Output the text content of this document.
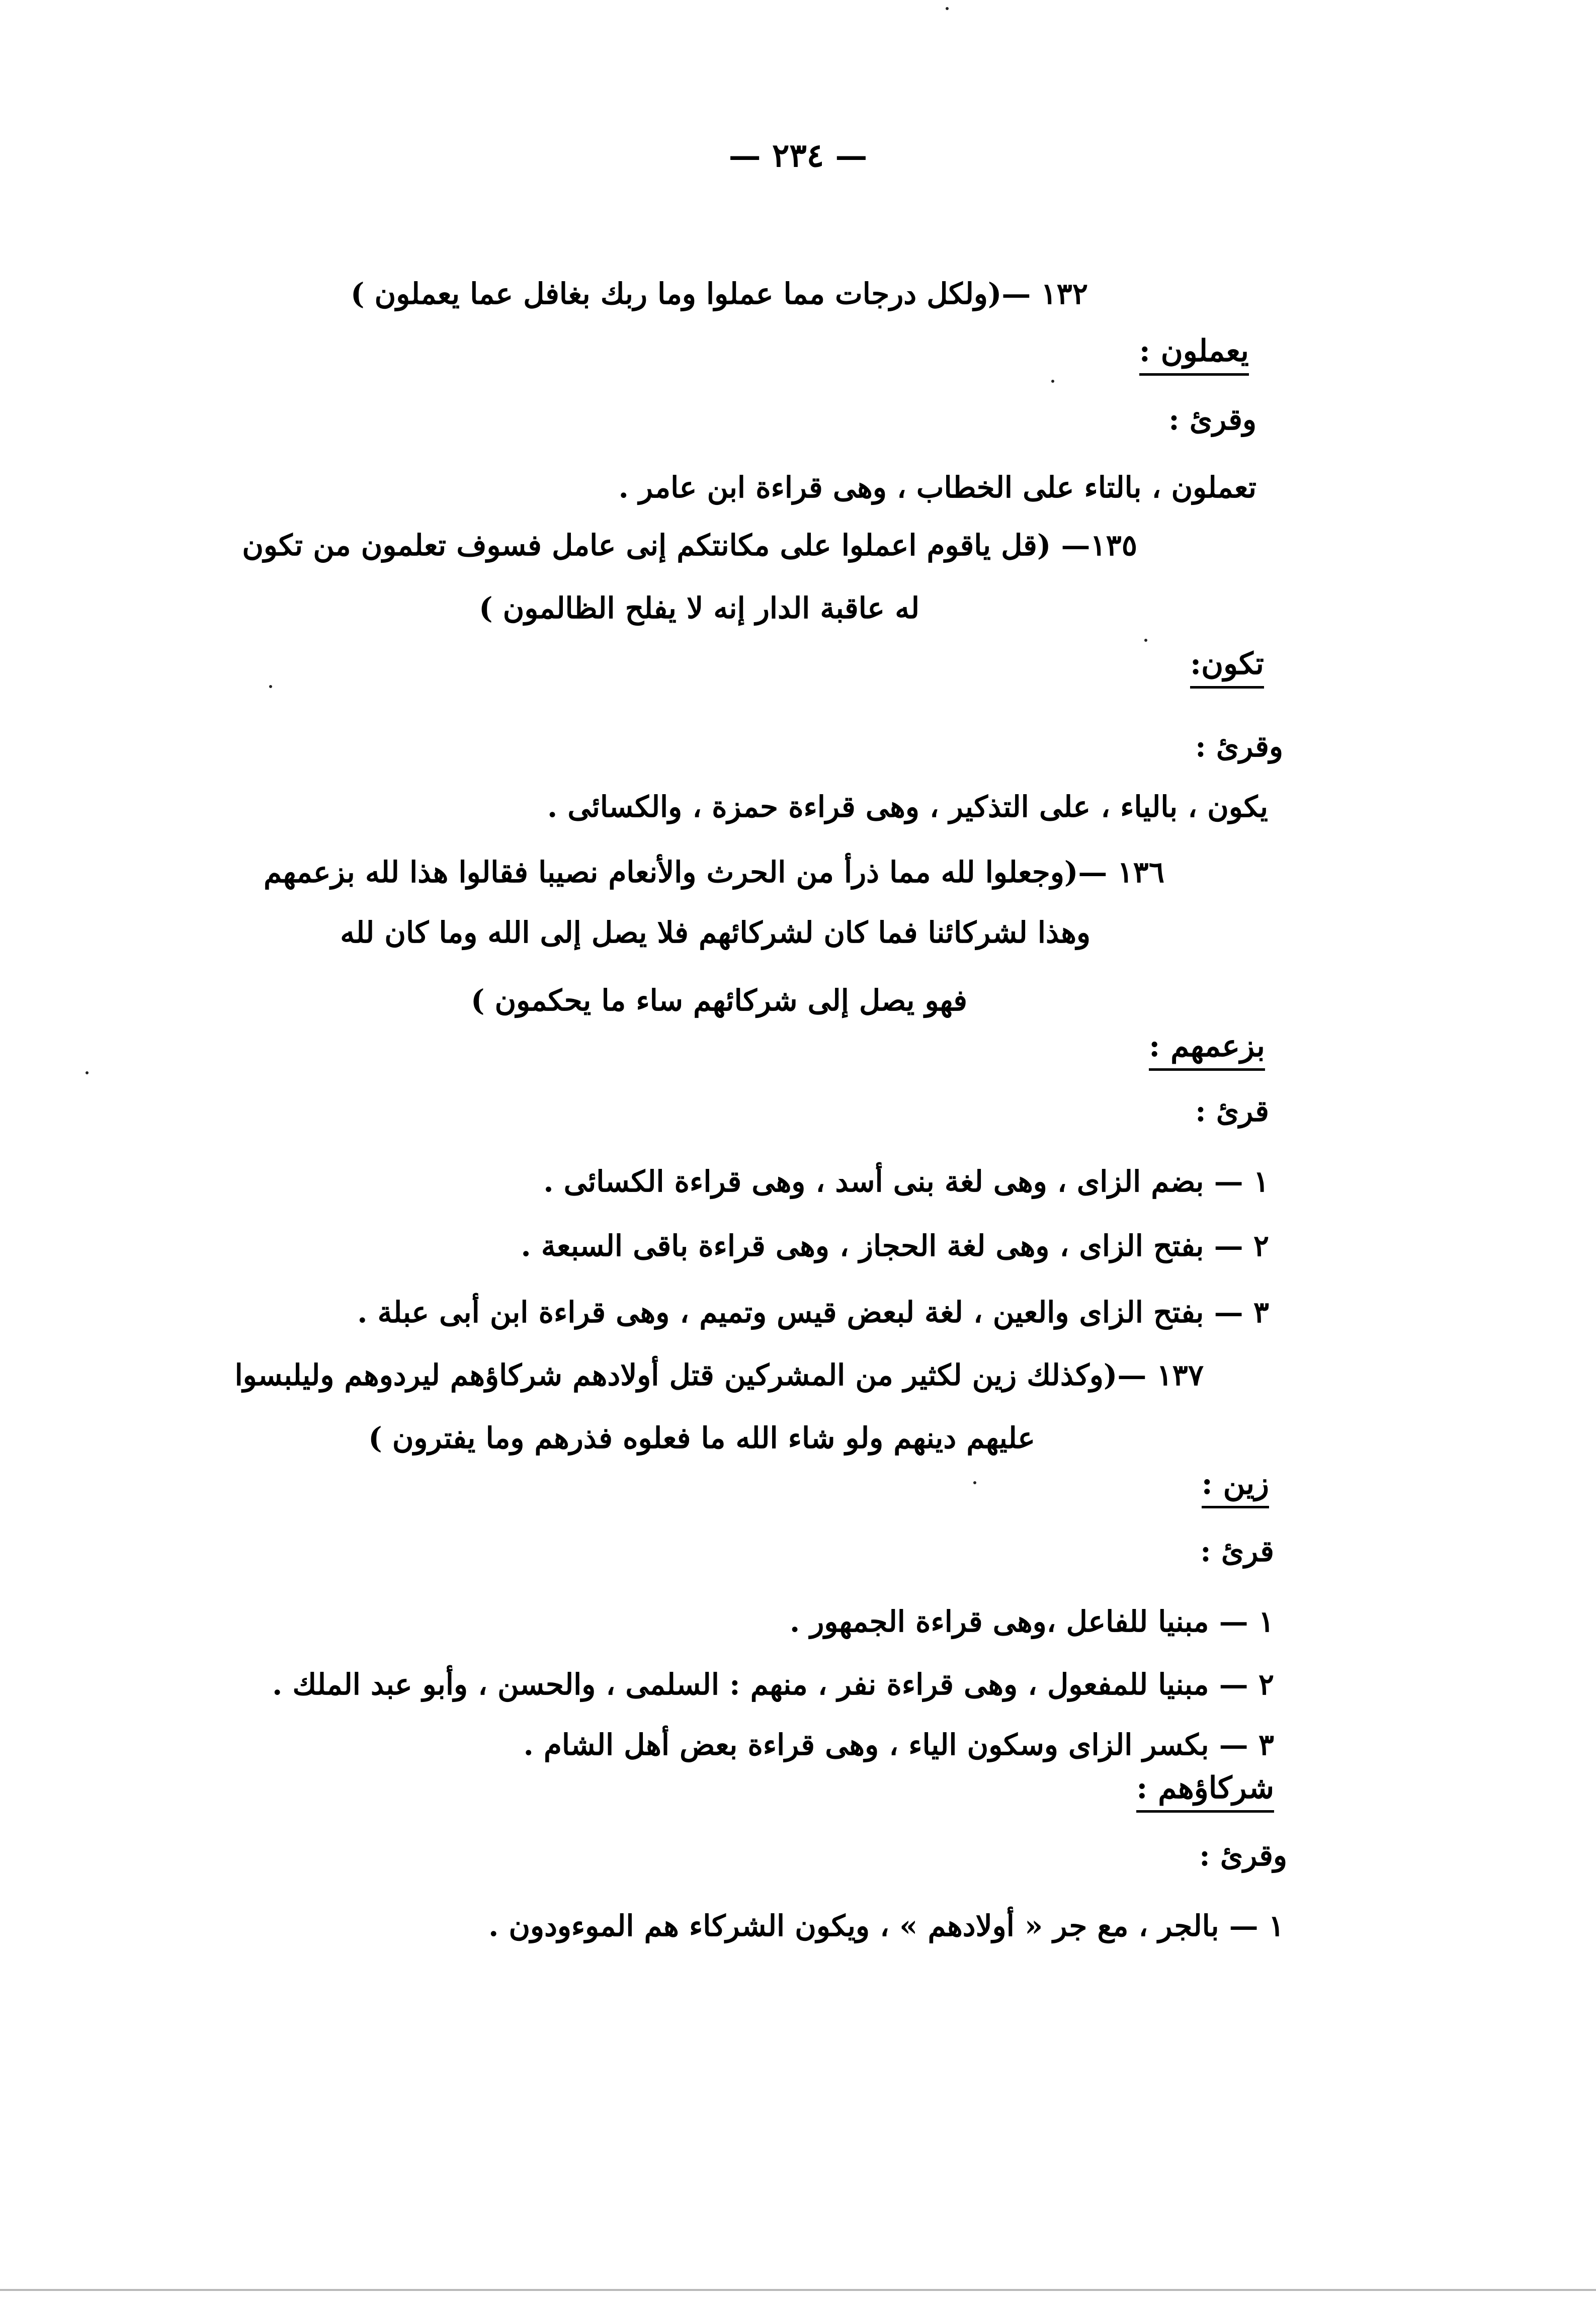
— ٢٣٤ —
١٣٢ —(ولكل درجات مما عملوا وما ربك بغافل عما يعملون )
يعملون :
وقرئ :
تعملون ، بالتاء على الخطاب ، وهى قراءة ابن عامر .
١٣٥— (قل ياقوم اعملوا على مكانتكم إنى عامل فسوف تعلمون من تكون
له عاقبة الدار إنه لا يفلح الظالمون )
تكون:
وقرئ :
يكون ، بالياء ، على التذكير ، وهى قراءة حمزة ، والكسائى .
١٣٦ —(وجعلوا لله مما ذرأ من الحرث والأنعام نصيبا فقالوا هذا لله بزعمهم
وهذا لشركائنا فما كان لشركائهم فلا يصل إلى الله وما كان لله
فهو يصل إلى شركائهم ساء ما يحكمون )
بزعمهم :
قرئ :
١ — بضم الزاى ، وهى لغة بنى أسد ، وهى قراءة الكسائى .
٢ — بفتح الزاى ، وهى لغة الحجاز ، وهى قراءة باقى السبعة .
٣ — بفتح الزاى والعين ، لغة لبعض قيس وتميم ، وهى قراءة ابن أبى عبلة .
١٣٧ —(وكذلك زين لكثير من المشركين قتل أولادهم شركاؤهم ليردوهم وليلبسوا
عليهم دينهم ولو شاء الله ما فعلوه فذرهم وما يفترون )
زين :
قرئ :
١ — مبنيا للفاعل ،وهى قراءة الجمهور .
٢ — مبنيا للمفعول ، وهى قراءة نفر ، منهم : السلمى ، والحسن ، وأبو عبد الملك .
٣ — بكسر الزاى وسكون الياء ، وهى قراءة بعض أهل الشام .
شركاؤهم :
وقرئ :
١ — بالجر ، مع جر « أولادهم » ، ويكون الشركاء هم الموءودون .
